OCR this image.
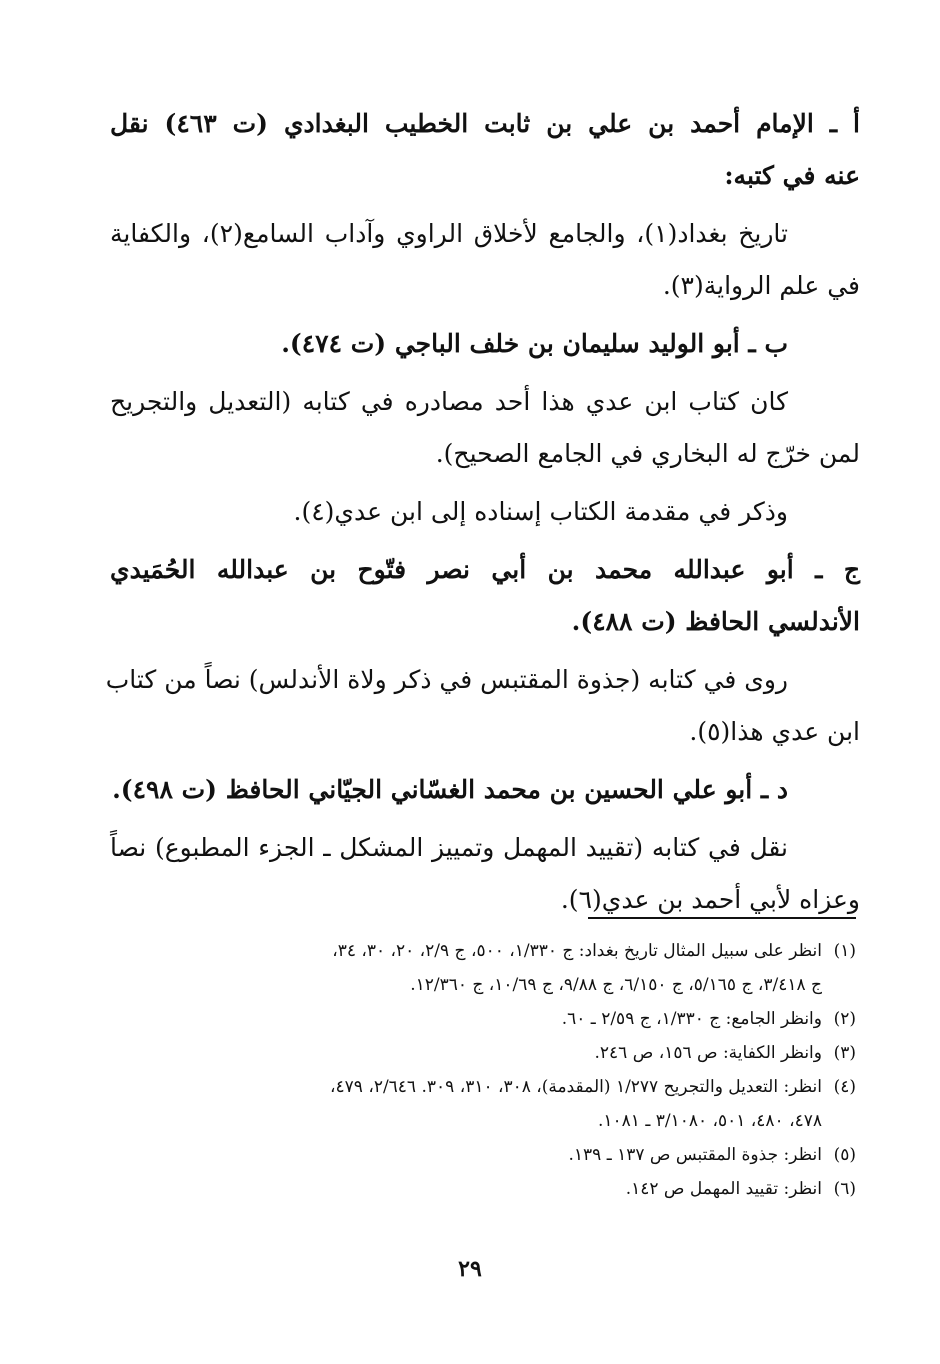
أ ـ الإمام أحمد بن علي بن ثابت الخطيب البغدادي (ت ٤٦٣) نقل
عنه في كتبه:
تاريخ بغداد(١)، والجامع لأخلاق الراوي وآداب السامع(٢)، والكفاية
في علم الرواية(٣).
ب ـ أبو الوليد سليمان بن خلف الباجي (ت ٤٧٤).
كان كتاب ابن عدي هذا أحد مصادره في كتابه (التعديل والتجريح
لمن خرّج له البخاري في الجامع الصحيح).
وذكر في مقدمة الكتاب إسناده إلى ابن عدي(٤).
ج ـ أبو عبدالله محمد بن أبي نصر فتّوح بن عبدالله الحُمَيدي
الأندلسي الحافظ (ت ٤٨٨).
روى في كتابه (جذوة المقتبس في ذكر ولاة الأندلس) نصاً من كتاب
ابن عدي هذا(٥).
د ـ أبو علي الحسين بن محمد الغسّاني الجيّاني الحافظ (ت ٤٩٨).
نقل في كتابه (تقييد المهمل وتمييز المشكل ـ الجزء المطبوع) نصاً
وعزاه لأبي أحمد بن عدي(٦).
(١)انظر على سبيل المثال تاريخ بغداد: ج ١/٣٣٠، ٥٠٠، ج ٢/٩، ٢٠، ٣٠، ٣٤،
ج ٣/٤١٨، ج ٥/١٦٥، ج ٦/١٥٠، ج ٩/٨٨، ج ١٠/٦٩، ج ١٢/٣٦٠.
(٢)وانظر الجامع: ج ١/٣٣٠، ج ٢/٥٩ ـ ٦٠.
(٣)وانظر الكفاية: ص ١٥٦، ص ٢٤٦.
(٤)انظر: التعديل والتجريح ١/٢٧٧ (المقدمة)، ٣٠٨، ٣١٠، ٣٠٩. ٢/٦٤٦، ٤٧٩،
٤٧٨، ٤٨٠، ٥٠١، ٣/١٠٨٠ ـ ١٠٨١.
(٥)انظر: جذوة المقتبس ص ١٣٧ ـ ١٣٩.
(٦)انظر: تقييد المهمل ص ١٤٢.
٢٩
